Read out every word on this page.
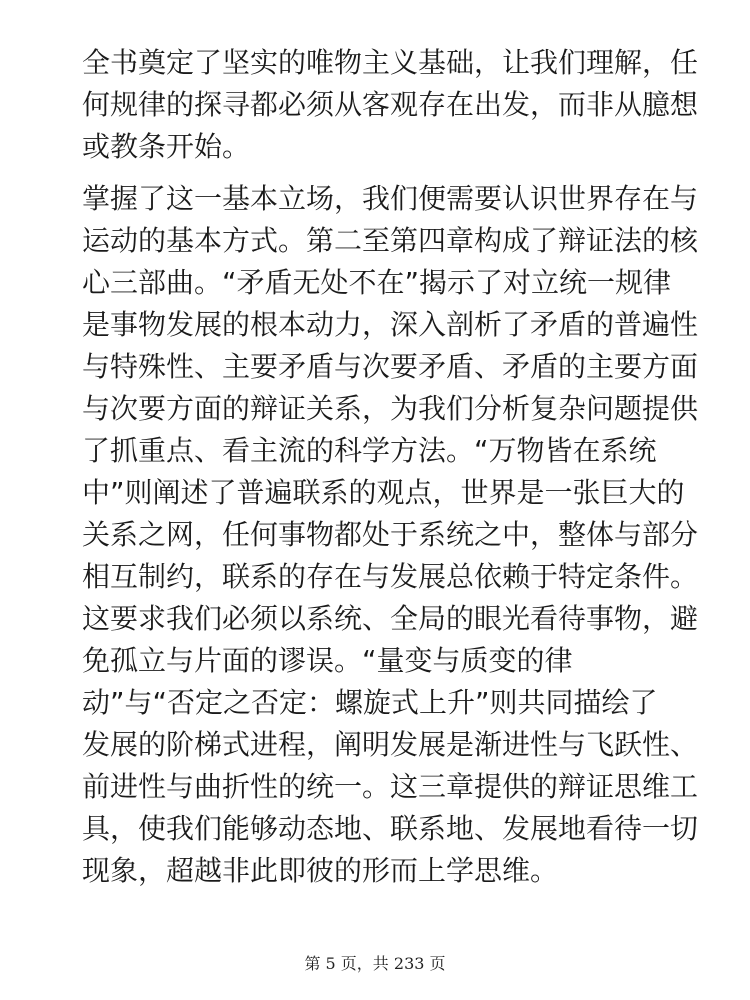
全书奠定了坚实的唯物主义基础，让我们理解，任
何规律的探寻都必须从客观存在出发，而非从臆想
或教条开始。
掌握了这一基本立场，我们便需要认识世界存在与
运动的基本方式。第二至第四章构成了辩证法的核
心三部曲。“矛盾无处不在”揭示了对立统一规律
是事物发展的根本动力，深入剖析了矛盾的普遍性
与特殊性、主要矛盾与次要矛盾、矛盾的主要方面
与次要方面的辩证关系，为我们分析复杂问题提供
了抓重点、看主流的科学方法。“万物皆在系统
中”则阐述了普遍联系的观点，世界是一张巨大的
关系之网，任何事物都处于系统之中，整体与部分
相互制约，联系的存在与发展总依赖于特定条件。
这要求我们必须以系统、全局的眼光看待事物，避
免孤立与片面的谬误。“量变与质变的律
动”与“否定之否定：螺旋式上升”则共同描绘了
发展的阶梯式进程，阐明发展是渐进性与飞跃性、
前进性与曲折性的统一。这三章提供的辩证思维工
具，使我们能够动态地、联系地、发展地看待一切
现象，超越非此即彼的形而上学思维。
第 5 页，共 233 页
